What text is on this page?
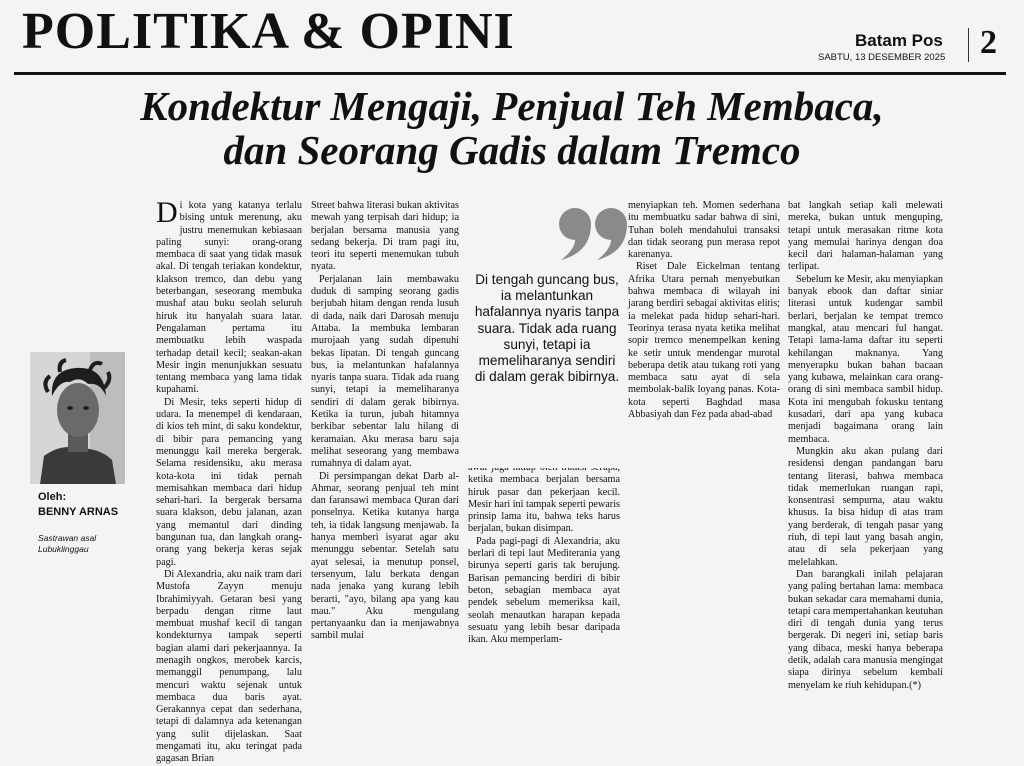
POLITIKA & OPINI	Batam Pos
SABTU, 13 DESEMBER 2025 2
Kondektur Mengaji, Penjual Teh Membaca,
dan Seorang Gadis dalam Tremco
Oleh:
BENNY ARNAS
Sastrawan asal Lubuklinggau

Di kota yang katanya terlalu bising untuk merenung, aku justru menemukan kebiasaan paling sunyi: orang-orang membaca di saat yang tidak masuk akal. Di tengah teriakan kondektur, klakson tremco, dan debu yang beterbangan, seseorang membuka mushaf atau buku seolah seluruh hiruk itu hanyalah suara latar. Pengalaman pertama itu membuatku lebih waspada terhadap detail kecil; seakan-akan Mesir ingin menunjukkan sesuatu tentang membaca yang lama tidak kupahami.

Di Mesir, teks seperti hidup di udara. Ia menempel di kendaraan, di kios teh mint, di saku kondektur, di bibir para pemancing yang menunggu kail mereka bergerak. Selama residensiku, aku merasa kota-kota ini tidak pernah memisahkan membaca dari hidup sehari-hari. Ia bergerak bersama suara klakson, debu jalanan, azan yang memantul dari dinding bangunan tua, dan langkah orang-orang yang bekerja keras sejak pagi.

Di Alexandria, aku naik tram dari Mustofa Zayyn menuju Ibrahimiyyah. Getaran besi yang berpadu dengan ritme laut membuat mushaf kecil di tangan kondekturnya tampak seperti bagian alami dari pekerjaannya. Ia menagih ongkos, merobek karcis, memanggil penumpang, lalu mencuri waktu sejenak untuk membaca dua baris ayat. Gerakannya cepat dan sederhana, tetapi di dalamnya ada ketenangan yang sulit dijelaskan. Saat mengamati itu, aku teringat pada gagasan Brian

Street bahwa literasi bukan aktivitas mewah yang terpisah dari hidup; ia berjalan bersama manusia yang sedang bekerja. Di tram pagi itu, teori itu seperti menemukan tubuh nyata.

Perjalanan lain membawaku duduk di samping seorang gadis berjubah hitam dengan renda lusuh di dada, naik dari Darosah menuju Attaba. Ia membuka lembaran murojaah yang sudah dipenuhi bekas lipatan. Di tengah guncang bus, ia melantunkan hafalannya nyaris tanpa suara. Tidak ada ruang sunyi, tetapi ia memeliharanya sendiri di dalam gerak bibirnya. Ketika ia turun, jubah hitamnya berkibar sebentar lalu hilang di keramaian. Aku merasa baru saja melihat seseorang yang membawa rumahnya di dalam ayat.

Di persimpangan dekat Darb al-Ahmar, seorang penjual teh mint dan faransawi membaca Quran dari ponselnya. Ketika kutanya harga teh, ia tidak langsung menjawab. Ia hanya memberi isyarat agar aku menunggu sebentar. Setelah satu ayat selesai, ia menutup ponsel, tersenyum, lalu berkata dengan nada jenaka yang kurang lebih berarti, "ayo, bilang apa yang kau mau." Aku mengulang pertanyaanku dan ia menjawabnya sambil mulai

ketika membaca berjalan bersama hiruk pasar dan pekerjaan kecil. Mesir hari ini tampak seperti pewaris prinsip lama itu, bahwa teks harus berjalan, bukan disimpan.

Pada pagi-pagi di Alexandria, aku berlari di tepi laut Mediterania yang birunya seperti garis tak berujung. Barisan pemancing berdiri di bibir beton, sebagian membaca ayat pendek sebelum memeriksa kail, seolah menautkan harapan kepada sesuatu yang lebih besar daripada ikan. Aku memperlam-

Di tengah guncang bus, ia melantunkan hafalannya nyaris tanpa suara. Tidak ada ruang sunyi, tetapi ia memeliharanya sendiri di dalam gerak bibirnya.

menyiapkan teh. Momen sederhana itu membuatku sadar bahwa di sini, Tuhan boleh mendahului transaksi dan tidak seorang pun merasa repot karenanya.

Riset Dale Eickelman tentang Afrika Utara pernah menyebutkan bahwa membaca di wilayah ini jarang berdiri sebagai aktivitas elitis; ia melekat pada hidup sehari-hari. Teorinya terasa nyata ketika melihat sopir tremco menempelkan kening ke setir untuk mendengar murotal beberapa detik atau tukang roti yang membaca satu ayat di sela membolak-balik loyang panas. Kota-kota seperti Baghdad masa Abbasiyah dan Fez pada abad-abad

bat langkah setiap kali melewati mereka, bukan untuk menguping, tetapi untuk merasakan ritme kota yang memulai harinya dengan doa kecil dari halaman-halaman yang terlipat.

Sebelum ke Mesir, aku menyiapkan banyak ebook dan daftar siniar literasi untuk kudengar sambil berlari, berjalan ke tempat tremco mangkal, atau mencari ful hangat. Tetapi lama-lama daftar itu seperti kehilangan maknanya. Yang menyerapku bukan bahan bacaan yang kubawa, melainkan cara orang-orang di sini membaca sambil hidup. Kota ini mengubah fokusku tentang kusadari, dari apa yang kubaca menjadi bagaimana orang lain membaca.

Mungkin aku akan pulang dari residensi dengan pandangan baru tentang literasi, bahwa membaca tidak memerlukan ruangan rapi, konsentrasi sempurna, atau waktu khusus. Ia bisa hidup di atas tram yang berderak, di tengah pasar yang riuh, di tepi laut yang basah angin, atau di sela pekerjaan yang melelahkan.

Dan barangkali inilah pelajaran yang paling bertahan lama: membaca bukan sekadar cara memahami dunia, tetapi cara mempertahankan keutuhan diri di tengah dunia yang terus bergerak. Di negeri ini, setiap baris yang dibaca, meski hanya beberapa detik, adalah cara manusia mengingat siapa dirinya sebelum kembali menyelam ke riuh kehidupan.(*)
